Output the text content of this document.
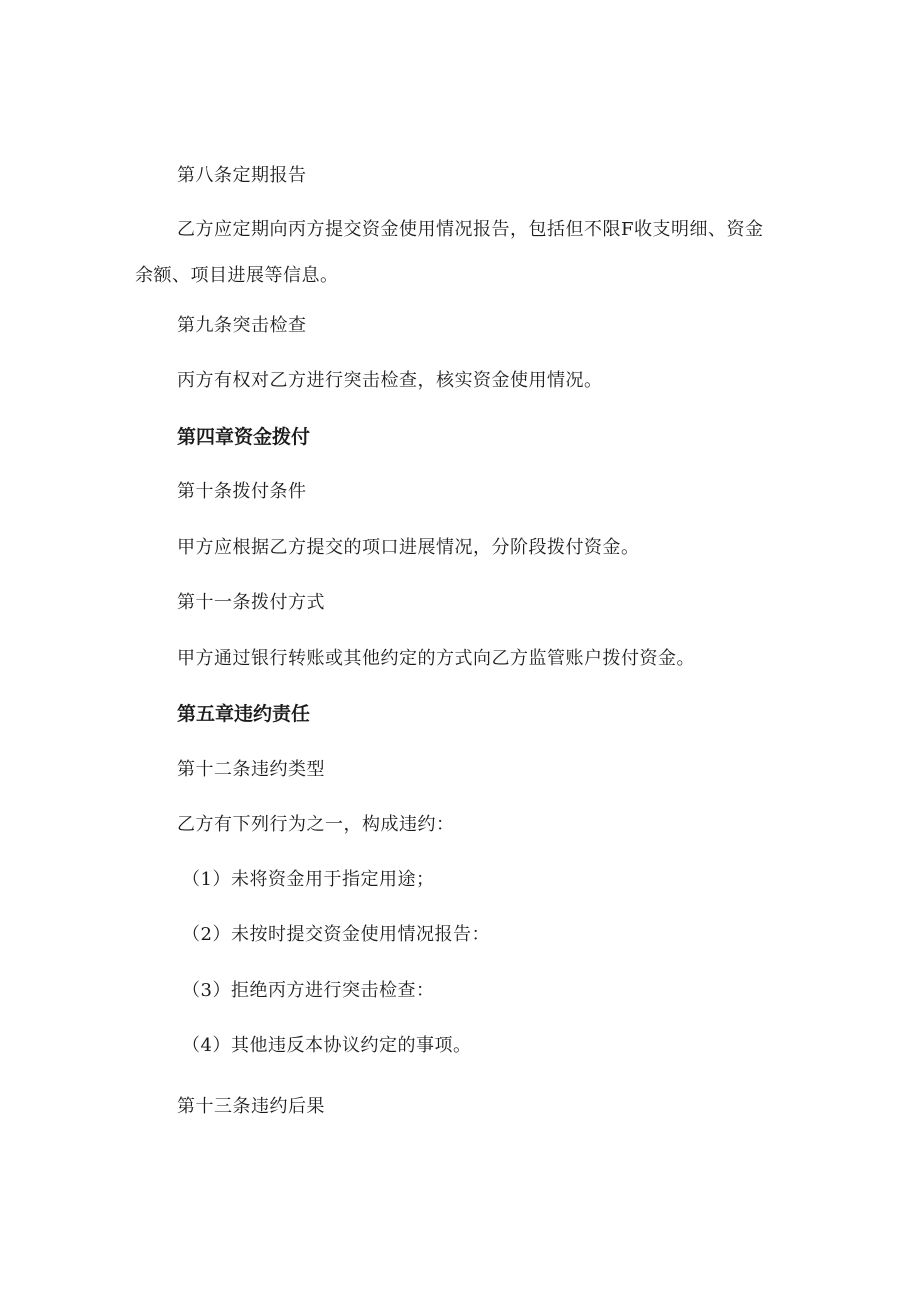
第八条定期报告
乙方应定期向丙方提交资金使用情况报告，包括但不限F收支明细、资金余额、项目进展等信息。
第九条突击检查
丙方有权对乙方进行突击检查，核实资金使用情况。
第四章资金拨付
第十条拨付条件
甲方应根据乙方提交的项口进展情况，分阶段拨付资金。
第十一条拨付方式
甲方通过银行转账或其他约定的方式向乙方监管账户拨付资金。
第五章违约责任
第十二条违约类型
乙方有下列行为之一，构成违约：
（1）未将资金用于指定用途；
（2）未按时提交资金使用情况报告：
（3）拒绝丙方进行突击检查：
（4）其他违反本协议约定的事项。
第十三条违约后果
